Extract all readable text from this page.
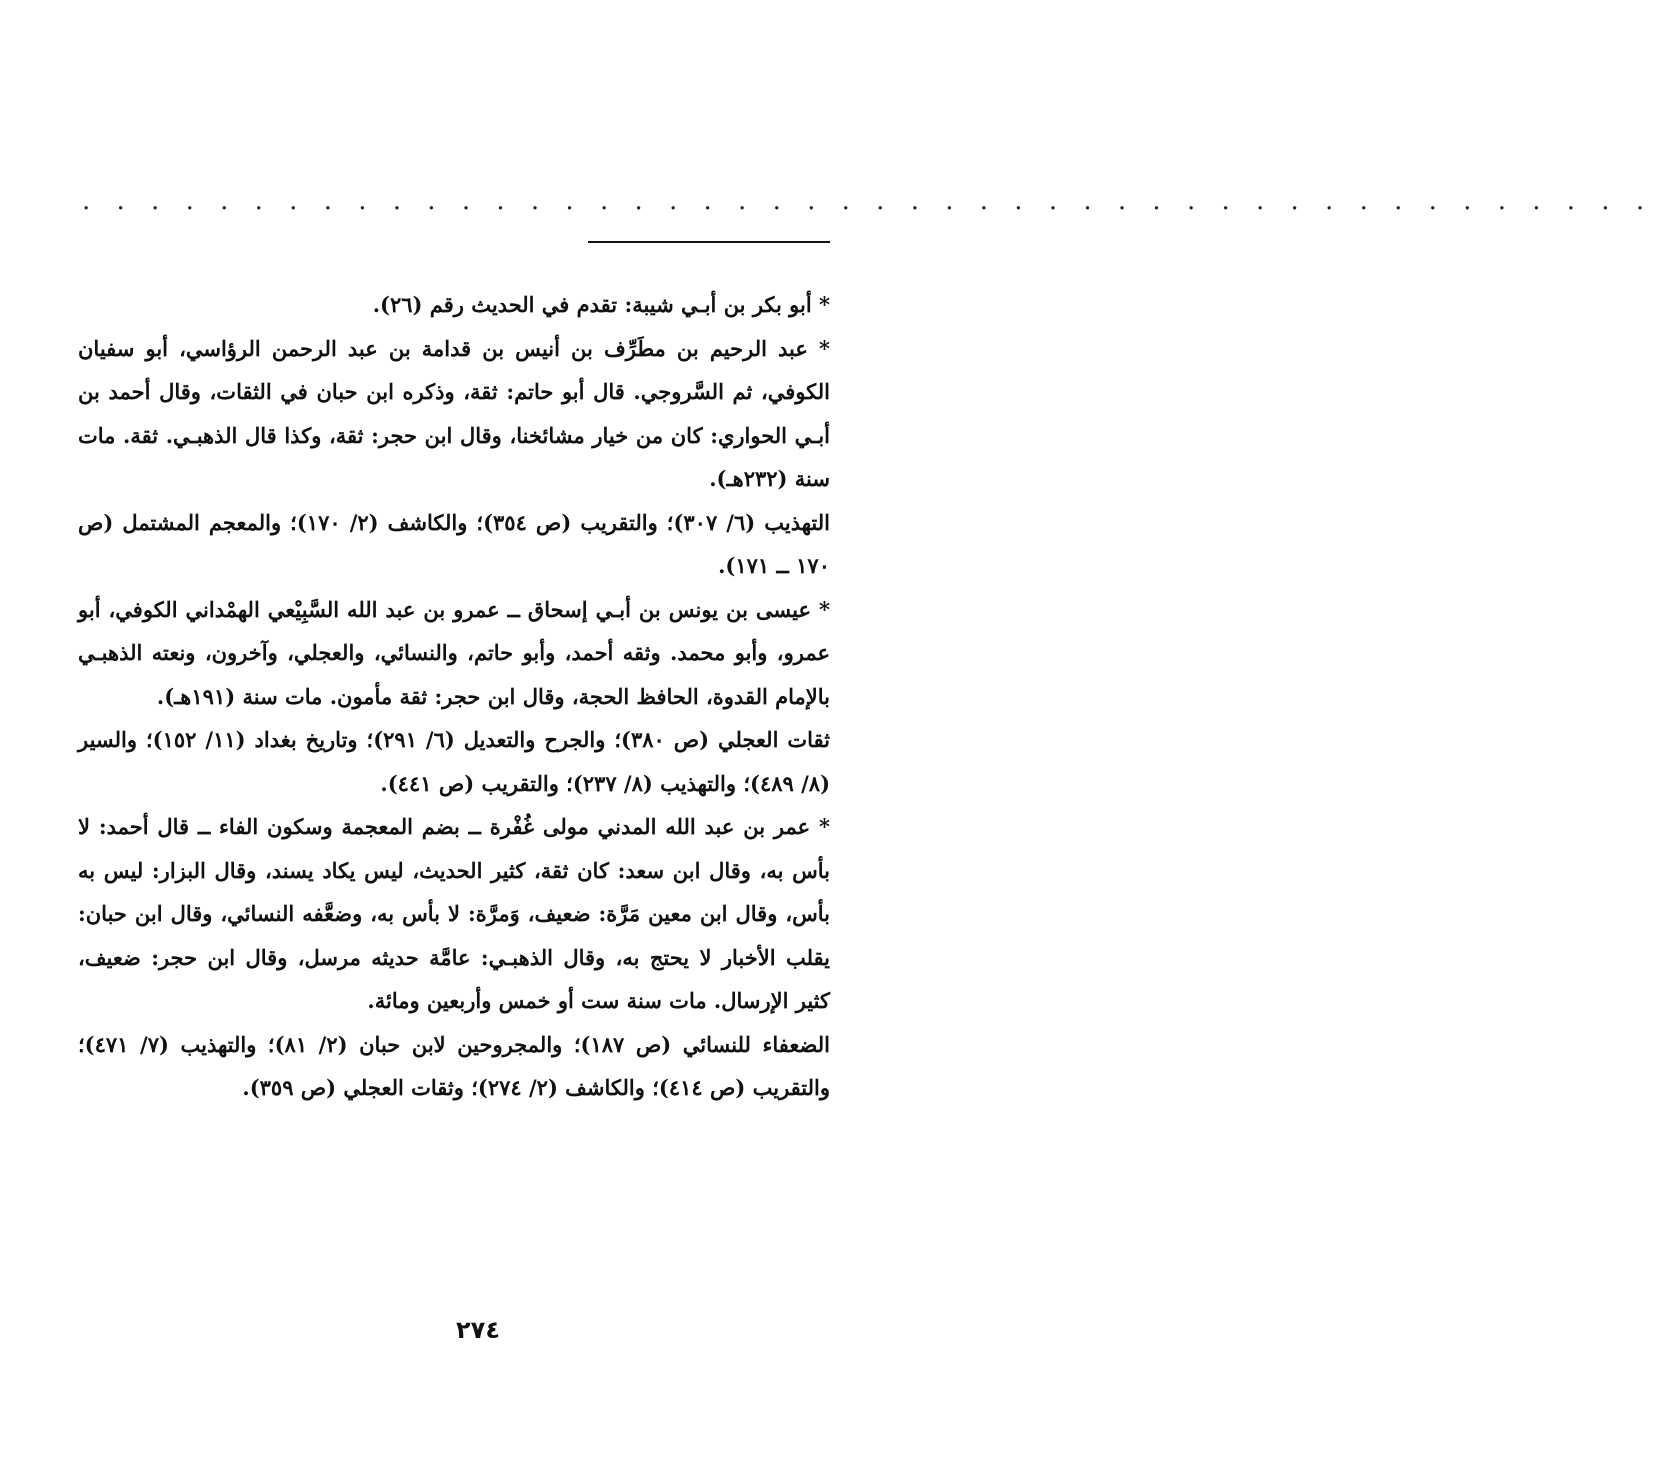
. . . . . . . . . . . . . . . . . . . . . . . . . . . . . . . . . . . . . . . . . . . . . .

* أبو بكر بن أبـي شيبة: تقدم في الحديث رقم (٢٦).

* عبد الرحيم بن مطَرِّف بن أنيس بن قدامة بن عبد الرحمن الرؤاسي، أبو سفيان الكوفي، ثم السَّروجي. قال أبو حاتم: ثقة، وذكره ابن حبان في الثقات، وقال أحمد بن أبـي الحواري: كان من خيار مشائخنا، وقال ابن حجر: ثقة، وكذا قال الذهبـي. ثقة. مات سنة (٢٣٢هـ).

التهذيب (٦/ ٣٠٧)؛ والتقريب (ص ٣٥٤)؛ والكاشف (٢/ ١٧٠)؛ والمعجم المشتمل (ص ١٧٠ ــ ١٧١).

* عيسى بن يونس بن أبـي إسحاق ــ عمرو بن عبد الله السَّبِيْعي الهمْداني الكوفي، أبو عمرو، وأبو محمد. وثقه أحمد، وأبو حاتم، والنسائي، والعجلي، وآخرون، ونعته الذهبـي بالإمام القدوة، الحافظ الحجة، وقال ابن حجر: ثقة مأمون. مات سنة (١٩١هـ).

ثقات العجلي (ص ٣٨٠)؛ والجرح والتعديل (٦/ ٢٩١)؛ وتاريخ بغداد (١١/ ١٥٢)؛ والسير (٨/ ٤٨٩)؛ والتهذيب (٨/ ٢٣٧)؛ والتقريب (ص ٤٤١).

* عمر بن عبد الله المدني مولى غُفْرة ــ بضم المعجمة وسكون الفاء ــ قال أحمد: لا بأس به، وقال ابن سعد: كان ثقة، كثير الحديث، ليس يكاد يسند، وقال البزار: ليس به بأس، وقال ابن معين مَرَّة: ضعيف، وَمرَّة: لا بأس به، وضعَّفه النسائي، وقال ابن حبان: يقلب الأخبار لا يحتج به، وقال الذهبـي: عامَّة حديثه مرسل، وقال ابن حجر: ضعيف، كثير الإرسال. مات سنة ست أو خمس وأربعين ومائة.

الضعفاء للنسائي (ص ١٨٧)؛ والمجروحين لابن حبان (٢/ ٨١)؛ والتهذيب (٧/ ٤٧١)؛ والتقريب (ص ٤١٤)؛ والكاشف (٢/ ٢٧٤)؛ وثقات العجلي (ص ٣٥٩).

٢٧٤
